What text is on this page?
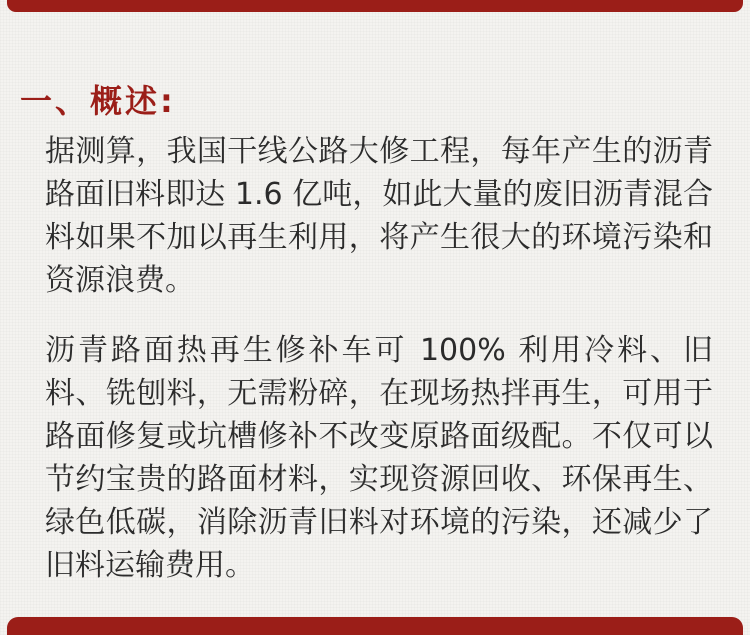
一、概述:

据测算，我国干线公路大修工程，每年产生的沥青路面旧料即达 1.6 亿吨，如此大量的废旧沥青混合料如果不加以再生利用，将产生很大的环境污染和资源浪费。

沥青路面热再生修补车可 100% 利用冷料、旧料、铣刨料，无需粉碎，在现场热拌再生，可用于路面修复或坑槽修补不改变原路面级配。不仅可以节约宝贵的路面材料，实现资源回收、环保再生、绿色低碳，消除沥青旧料对环境的污染，还减少了旧料运输费用。
